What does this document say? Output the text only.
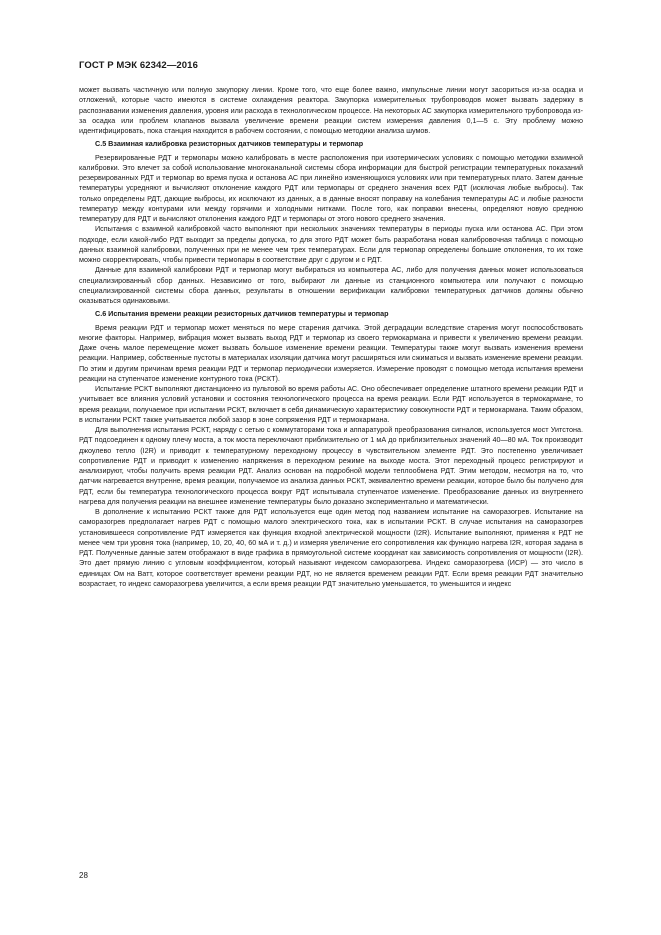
ГОСТ Р МЭК 62342—2016

может вызвать частичную или полную закупорку линии. Кроме того, что еще более важно, импульсные линии могут засориться из-за осадка и отложений, которые часто имеются в системе охлаждения реактора. Закупорка измерительных трубопроводов может вызвать задержку в распознавании изменения давления, уровня или расхода в технологическом процессе. На некоторых АС закупорка измерительного трубопровода из-за осадка или проблем клапанов вызвала увеличение времени реакции систем измерения давления 0,1—5 с. Эту проблему можно идентифицировать, пока станция находится в рабочем состоянии, с помощью методики анализа шумов.

С.5 Взаимная калибровка резисторных датчиков температуры и термопар

Резервированные РДТ и термопары можно калибровать в месте расположения при изотермических условиях с помощью методики взаимной калибровки. Это влечет за собой использование многоканальной системы сбора информации для быстрой регистрации температурных показаний резервированных РДТ и термопар во время пуска и останова АС при линейно изменяющихся условиях или при температурных плато. Затем данные температуры усредняют и вычисляют отклонение каждого РДТ или термопары от среднего значения всех РДТ (исключая любые выбросы). Так только определены РДТ, дающие выбросы, их исключают из данных, а в данные вносят поправку на колебания температуры АС и любые разности температур между контурами или между горячими и холодными нитками. После того, как поправки внесены, определяют новую среднюю температуру для РДТ и вычисляют отклонения каждого РДТ и термопары от этого нового среднего значения.

Испытания с взаимной калибровкой часто выполняют при нескольких значениях температуры в периоды пуска или останова АС. При этом подходе, если какой-либо РДТ выходит за пределы допуска, то для этого РДТ может быть разработана новая калибровочная таблица с помощью данных взаимной калибровки, полученных при не менее чем трех температурах. Если для термопар определены большие отклонения, то их тоже можно скорректировать, чтобы привести термопары в соответствие друг с другом и с РДТ.

Данные для взаимной калибровки РДТ и термопар могут выбираться из компьютера АС, либо для получения данных может использоваться специализированный сбор данных. Независимо от того, выбирают ли данные из станционного компьютера или получают с помощью специализированной системы сбора данных, результаты в отношении верификации калибровки температурных датчиков должны обычно оказываться одинаковыми.

С.6 Испытания времени реакции резисторных датчиков температуры и термопар

Время реакции РДТ и термопар может меняться по мере старения датчика. Этой деградации вследствие старения могут поспособствовать многие факторы. Например, вибрация может вызвать выход РДТ и термопар из своего термокармана и привести к увеличению времени реакции. Даже очень малое перемещение может вызвать большое изменение времени реакции. Температуры также могут вызвать изменения времени реакции. Например, собственные пустоты в материалах изоляции датчика могут расширяться или сжиматься и вызвать изменение времени реакции. По этим и другим причинам время реакции РДТ и термопар периодически измеряется. Измерение проводят с помощью метода испытания времени реакции на ступенчатое изменение контурного тока (РСКТ).

Испытание РСКТ выполняют дистанционно из пультовой во время работы АС. Оно обеспечивает определение штатного времени реакции РДТ и учитывает все влияния условий установки и состояния технологического процесса на время реакции. Если РДТ используется в термокармане, то время реакции, получаемое при испытании РСКТ, включает в себя динамическую характеристику совокупности РДТ и термокармана. Таким образом, в испытании РСКТ также учитывается любой зазор в зоне сопряжения РДТ и термокармана.

Для выполнения испытания РСКТ, наряду с сетью с коммутаторами тока и аппаратурой преобразования сигналов, используется мост Уитстона. РДТ подсоединен к одному плечу моста, а ток моста переключают приблизительно от 1 мА до приблизительных значений 40—80 мА. Ток производит джоулево тепло (I2R) и приводит к температурному переходному процессу в чувствительном элементе РДТ. Это постепенно увеличивает сопротивление РДТ и приводит к изменению напряжения в переходном режиме на выходе моста. Этот переходный процесс регистрируют и анализируют, чтобы получить время реакции РДТ. Анализ основан на подробной модели теплообмена РДТ. Этим методом, несмотря на то, что датчик нагревается внутренне, время реакции, получаемое из анализа данных РСКТ, эквивалентно времени реакции, которое было бы получено для РДТ, если бы температура технологического процесса вокруг РДТ испытывала ступенчатое изменение. Преобразование данных из внутреннего нагрева для получения реакции на внешнее изменение температуры было доказано экспериментально и математически.

В дополнение к испытанию РСКТ также для РДТ используется еще один метод под названием испытание на саморазогрев. Испытание на саморазогрев предполагает нагрев РДТ с помощью малого электрического тока, как в испытании РСКТ. В случае испытания на саморазогрев установившееся сопротивление РДТ измеряется как функция входной электрической мощности (I2R). Испытание выполняют, применяя к РДТ не менее чем три уровня тока (например, 10, 20, 40, 60 мА и т. д.) и измеряя увеличение его сопротивления как функцию нагрева I2R, которая задана в РДТ. Полученные данные затем отображают в виде графика в прямоугольной системе координат как зависимость сопротивления от мощности (I2R). Это дает прямую линию с угловым коэффициентом, который называют индексом саморазогрева. Индекс саморазогрева (ИСР) — это число в единицах Ом на Ватт, которое соответствует времени реакции РДТ, но не является временем реакции РДТ. Если время реакции РДТ значительно возрастает, то индекс саморазогрева увеличится, а если время реакции РДТ значительно уменьшается, то уменьшится и индекс

28
